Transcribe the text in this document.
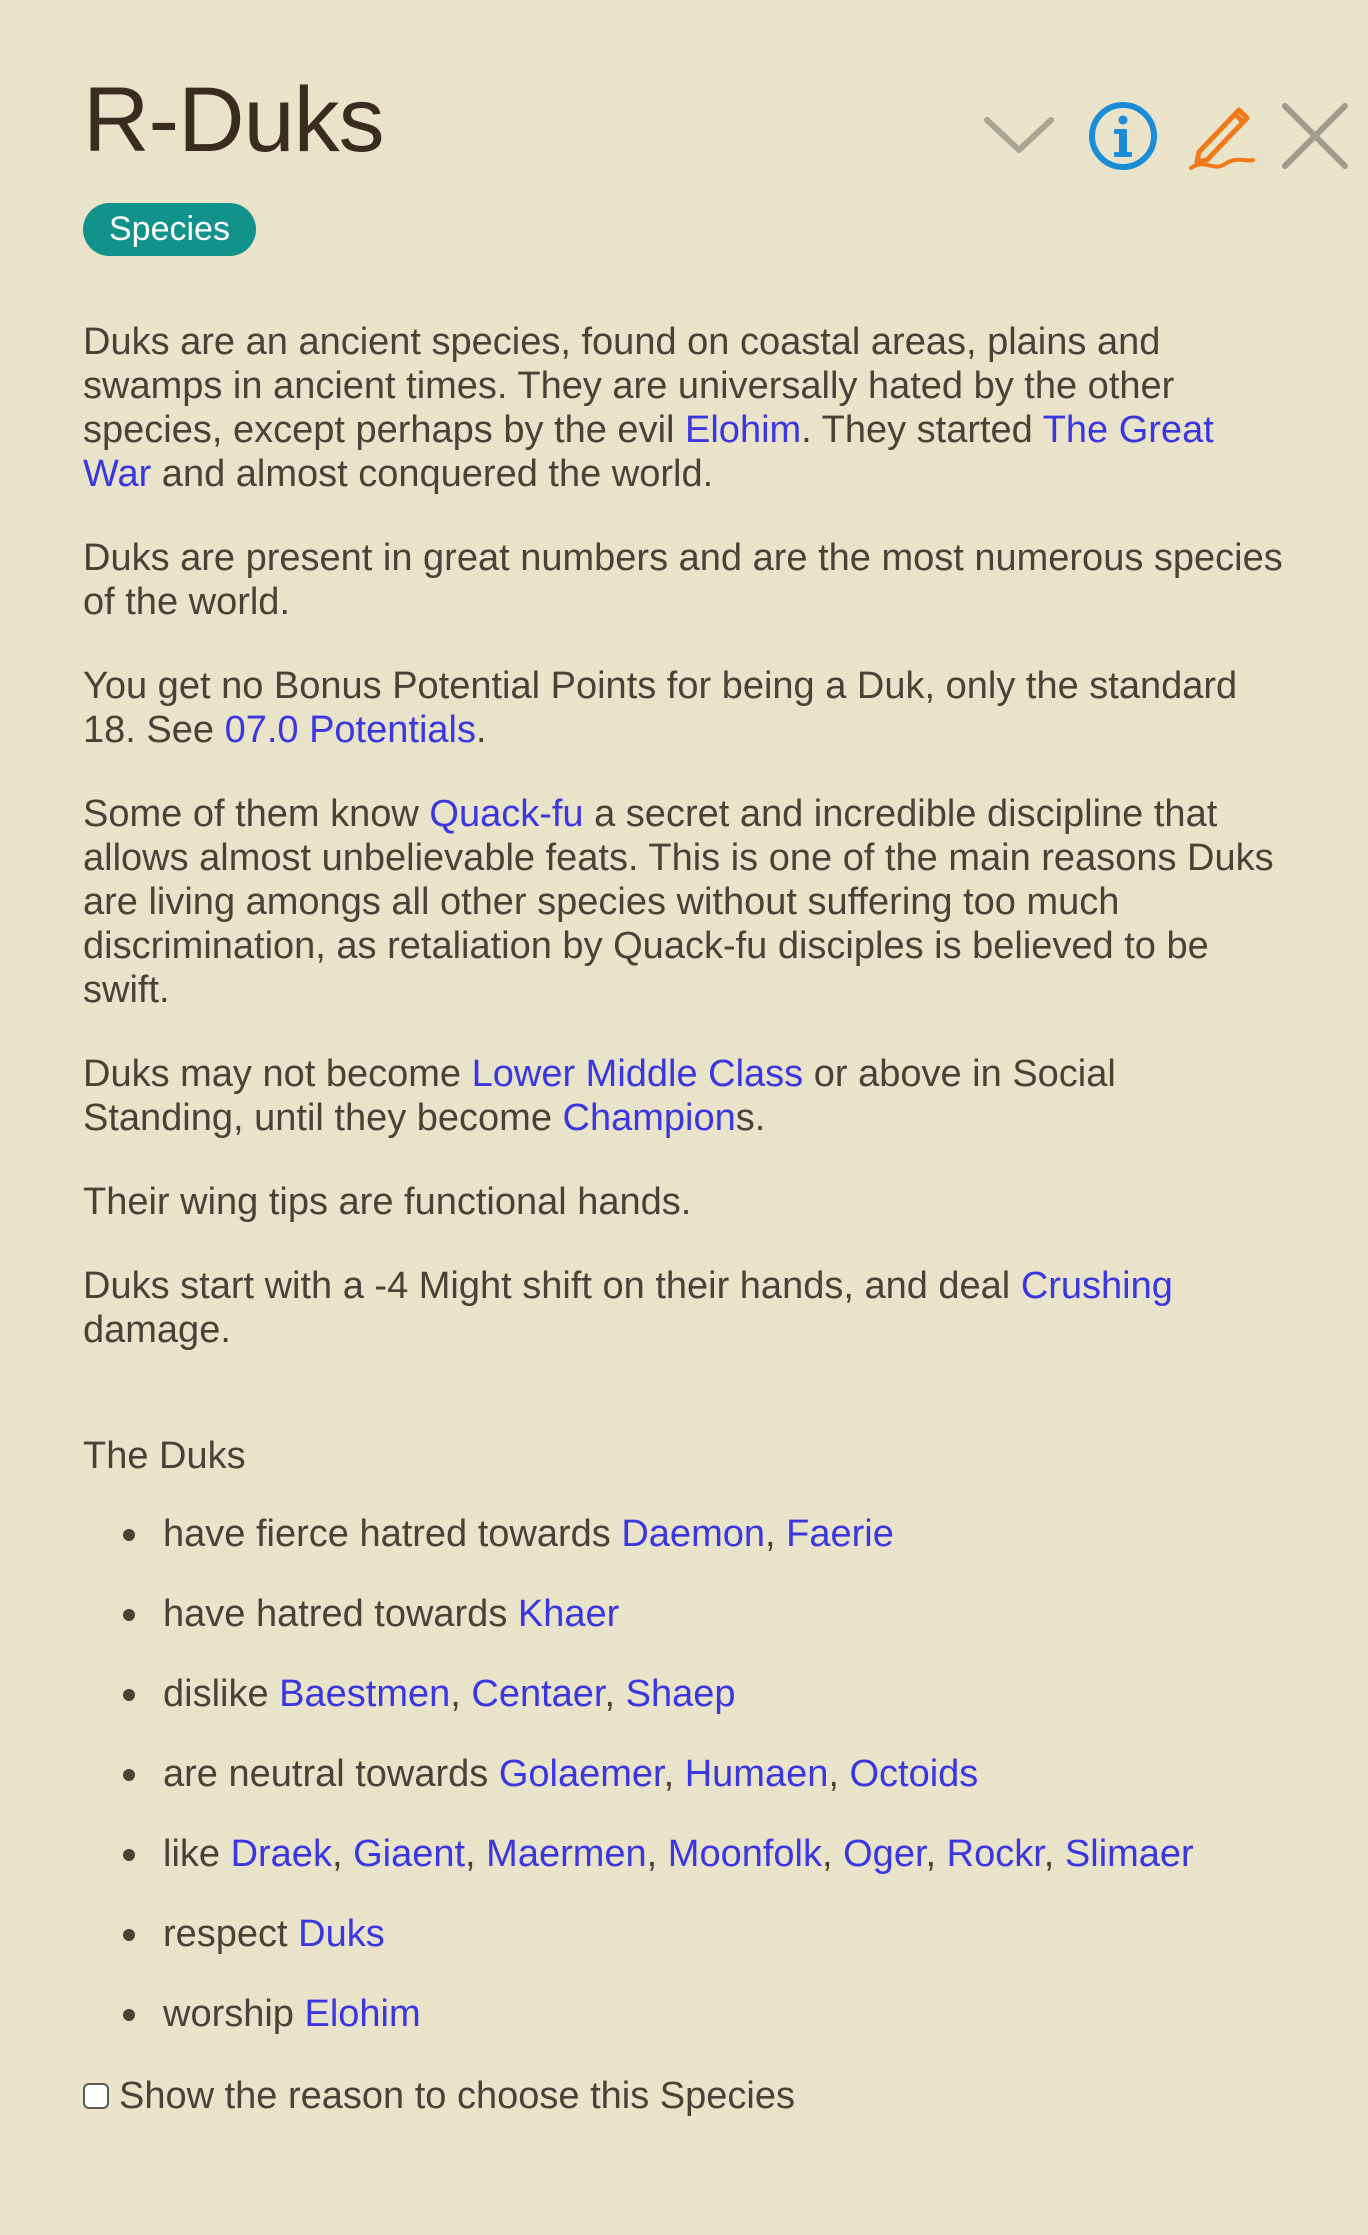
R-Duks
Species

Duks are an ancient species, found on coastal areas, plains and swamps in ancient times. They are universally hated by the other species, except perhaps by the evil Elohim. They started The Great War and almost conquered the world.

Duks are present in great numbers and are the most numerous species of the world.

You get no Bonus Potential Points for being a Duk, only the standard 18. See 07.0 Potentials.

Some of them know Quack-fu a secret and incredible discipline that allows almost unbelievable feats. This is one of the main reasons Duks are living amongs all other species without suffering too much discrimination, as retaliation by Quack-fu disciples is believed to be swift.

Duks may not become Lower Middle Class or above in Social Standing, until they become Champions.

Their wing tips are functional hands.

Duks start with a -4 Might shift on their hands, and deal Crushing damage.

The Duks

have fierce hatred towards Daemon, Faerie
have hatred towards Khaer
dislike Baestmen, Centaer, Shaep
are neutral towards Golaemer, Humaen, Octoids
like Draek, Giaent, Maermen, Moonfolk, Oger, Rockr, Slimaer
respect Duks
worship Elohim
Show the reason to choose this Species
